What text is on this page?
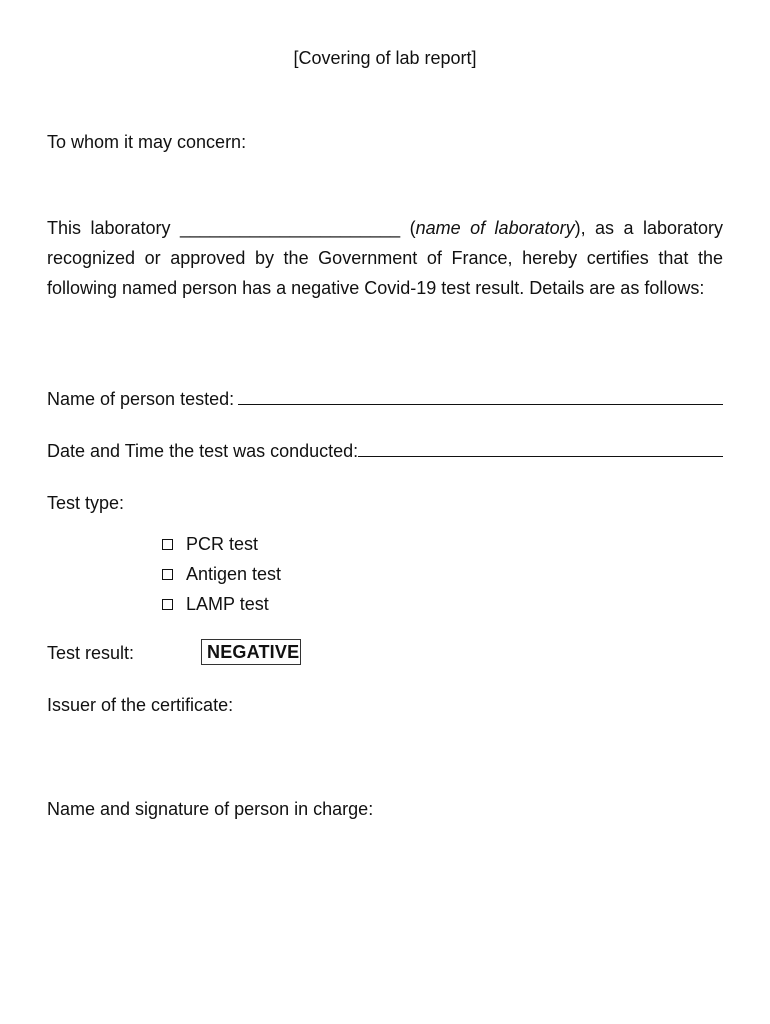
[Covering of lab report]
To whom it may concern:
This laboratory ______________________ (name of laboratory), as a laboratory recognized or approved by the Government of France, hereby certifies that the following named person has a negative Covid-19 test result. Details are as follows:
Name of person tested:
Date and Time the test was conducted:
Test type:
PCR test
Antigen test
LAMP test
Test result:	NEGATIVE
Issuer of the certificate:
Name and signature of person in charge:
